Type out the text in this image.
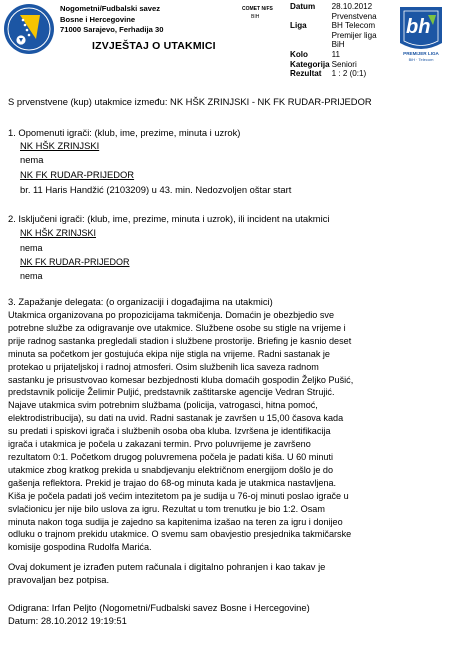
Nogometni/Fudbalski savez
Bosne i Hercegovine
71000 Sarajevo, Ferhadija 30
IZVJEŠTAJ O UTAKMICI
COMET N/FS
BIH
Datum	28.10.2012
	Prvenstvena
Liga	BH Telecom
	Premijer liga
	BiH
Kolo	11
Kategorija	Seniori
Rezultat	1 : 2 (0:1)
bh
PREMIJER LIGA
BiH · Telecom
S prvenstvene (kup) utakmice između: NK HŠK ZRINJSKI - NK FK RUDAR-PRIJEDOR
1. Opomenuti igrači: (klub, ime, prezime, minuta i uzrok)
NK HŠK ZRINJSKI
nema
NK FK RUDAR-PRIJEDOR
br. 11 Haris Handžić (2103209) u 43. min. Nedozvoljen oštar start
2. Isključeni igrači: (klub, ime, prezime, minuta i uzrok), ili incident na utakmici
NK HŠK ZRINJSKI
nema
NK FK RUDAR-PRIJEDOR
nema
3. Zapažanje delegata: (o organizaciji i događajima na utakmici)
Utakmica organizovana po propozicijama takmičenja. Domaćin je obezbjedio sve
potrebne službe za odigravanje ove utakmice. Službene osobe su stigle na vrijeme i
prije radnog sastanka pregledali stadion i službene prostorije. Briefing je kasnio deset
minuta sa početkom jer gostujuća ekipa nije stigla na vrijeme. Radni sastanak je
protekao u prijateljskoj i radnoj atmosferi. Osim službenih lica saveza radnom
sastanku je prisustvovao komesar bezbjednosti kluba domaćih gospodin Željko Pušić,
predstavnik policije Želimir Puljić, predstavnik zaštitarske agencije Vedran Strujić.
Najave utakmica svim potrebnim službama (policija, vatrogasci, hitna pomoć,
elektrodistribucija), su dati na uvid. Radni sastanak je završen u 15,00 časova kada
su predati i spiskovi igrača i službenih osoba oba kluba. Izvršena je identifikacija
igrača i utakmica je počela u zakazani termin. Prvo poluvrijeme je završeno
rezultatom 0:1. Početkom drugog poluvremena počela je padati kiša. U 60 minuti
utakmice zbog kratkog prekida u snabdjevanju električnom energijom došlo je do
gašenja reflektora. Prekid je trajao do 68-og minuta kada je utakmica nastavljena.
Kiša je počela padati još većim intezitetom pa je sudija u 76-oj minuti poslao igrače u
svlačionicu jer nije bilo uslova za igru. Rezultat u tom trenutku je bio 1:2. Osam
minuta nakon toga sudija je zajedno sa kapitenima izašao na teren za igru i donijeo
odluku o trajnom prekidu utakmice. O svemu sam obavjestio presjednika takmičarske
komisije gospodina Rudolfa Marića.
Ovaj dokument je izrađen putem računala i digitalno pohranjen i kao takav je
pravovaljan bez potpisa.
Odigrana: Irfan Peljto (Nogometni/Fudbalski savez Bosne i Hercegovine)
Datum: 28.10.2012 19:19:51
